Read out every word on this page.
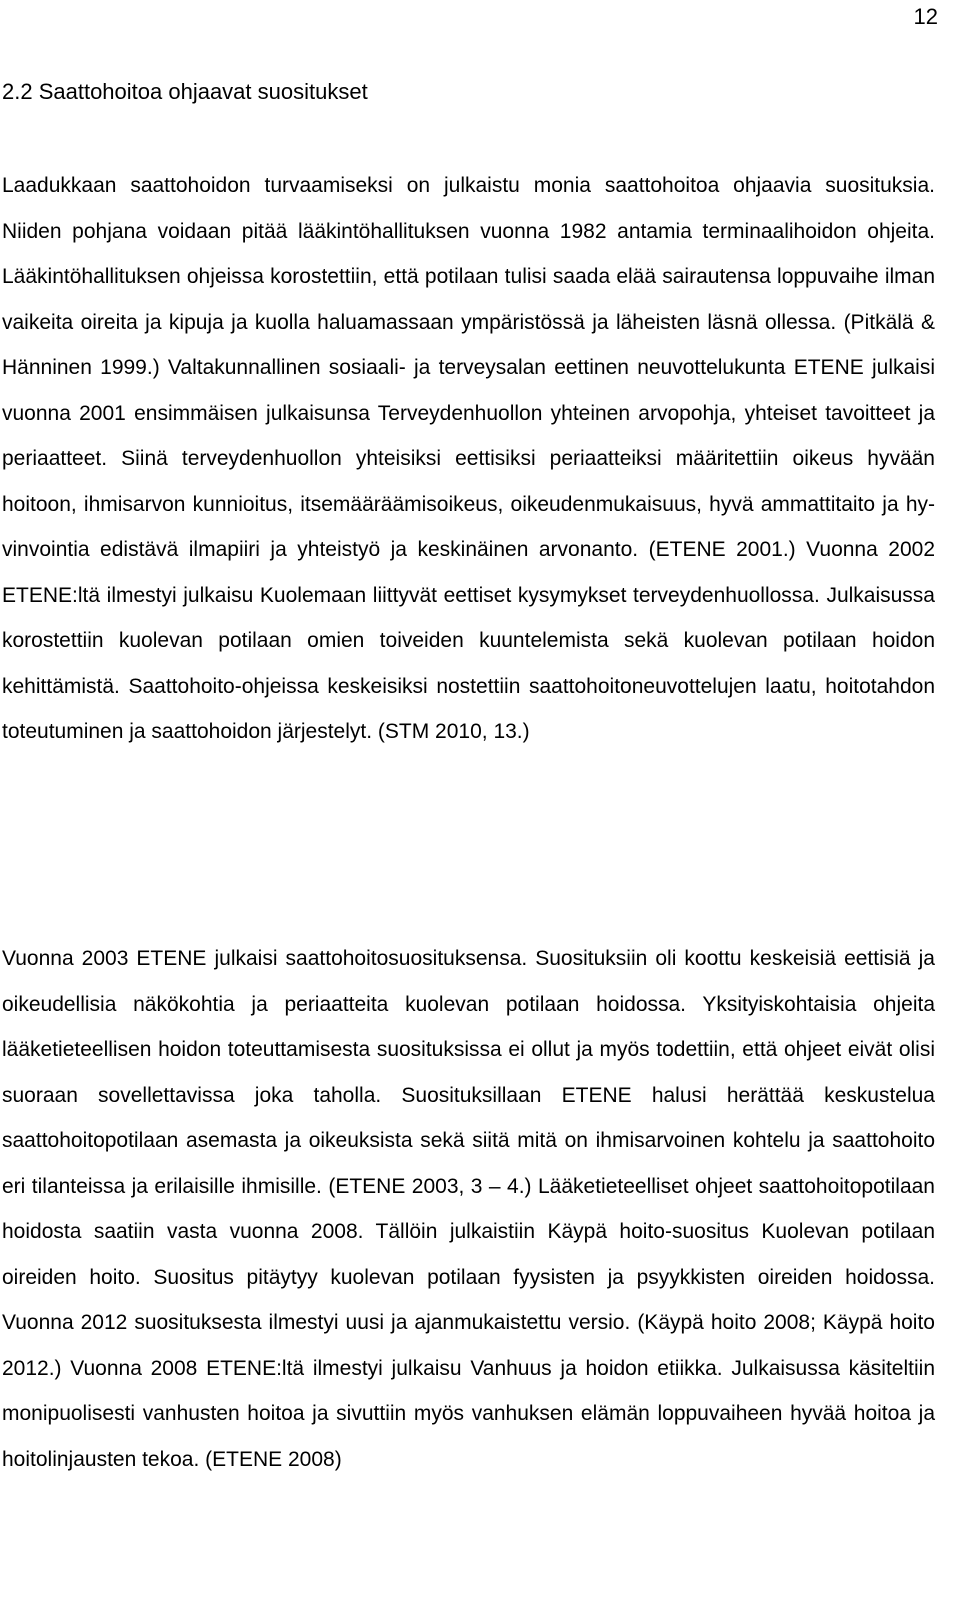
12
2.2 Saattohoitoa ohjaavat suositukset

Laadukkaan saattohoidon turvaamiseksi on julkaistu monia saattohoitoa ohjaavia suosituksia. Niiden pohjana voidaan pitää lääkintöhallituksen vuonna 1982 antamia terminaalihoidon ohjeita. Lääkintöhallituksen ohjeissa korostettiin, että potilaan tulisi saada elää sairautensa loppuvaihe ilman vaikeita oireita ja kipuja ja kuolla haluamassaan ympäristössä ja läheisten läsnä ollessa. (Pitkälä & Hänninen 1999.) Valtakunnallinen sosiaali- ja terveysalan eettinen neuvottelukunta ETENE julkaisi vuonna 2001 ensimmäisen julkaisunsa Terveydenhuollon yhteinen arvopohja, yhteiset tavoitteet ja periaatteet. Siinä terveydenhuollon yhteisiksi eettisiksi periaatteiksi määritettiin oikeus hyvään hoitoon, ihmisarvon kunnioitus, itsemääräämisoikeus, oikeudenmukaisuus, hyvä ammattitaito ja hyvinvointia edistävä ilmapiiri ja yhteistyö ja keskinäinen arvonanto. (ETENE 2001.) Vuonna 2002 ETENE:ltä ilmestyi julkaisu Kuolemaan liittyvät eettiset kysymykset terveydenhuollossa. Julkaisussa korostettiin kuolevan potilaan omien toiveiden kuuntelemista sekä kuolevan potilaan hoidon kehittämistä. Saattohoito-ohjeissa keskeisiksi nostettiin saattohoitoneuvottelujen laatu, hoitotahdon toteutuminen ja saattohoidon järjestelyt. (STM 2010, 13.)

Vuonna 2003 ETENE julkaisi saattohoitosuosituksensa. Suosituksiin oli koottu keskeisiä eettisiä ja oikeudellisia näkökohtia ja periaatteita kuolevan potilaan hoidossa. Yksityiskohtaisia ohjeita lääketieteellisen hoidon toteuttamisesta suosituksissa ei ollut ja myös todettiin, että ohjeet eivät olisi suoraan sovellettavissa joka taholla. Suosituksillaan ETENE halusi herättää keskustelua saattohoitopotilaan asemasta ja oikeuksista sekä siitä mitä on ihmisarvoinen kohtelu ja saattohoito eri tilanteissa ja erilaisille ihmisille. (ETENE 2003, 3 – 4.) Lääketieteelliset ohjeet saattohoitopotilaan hoidosta saatiin vasta vuonna 2008. Tällöin julkaistiin Käypä hoito-suositus Kuolevan potilaan oireiden hoito. Suositus pitäytyy kuolevan potilaan fyysisten ja psyykkisten oireiden hoidossa. Vuonna 2012 suosituksesta ilmestyi uusi ja ajanmukaistettu versio. (Käypä hoito 2008; Käypä hoito 2012.) Vuonna 2008 ETENE:ltä ilmestyi julkaisu Vanhuus ja hoidon etiikka. Julkaisussa käsiteltiin monipuolisesti vanhusten hoitoa ja sivuttiin myös vanhuksen elämän loppuvaiheen hyvää hoitoa ja hoitolinjausten tekoa. (ETENE 2008)
